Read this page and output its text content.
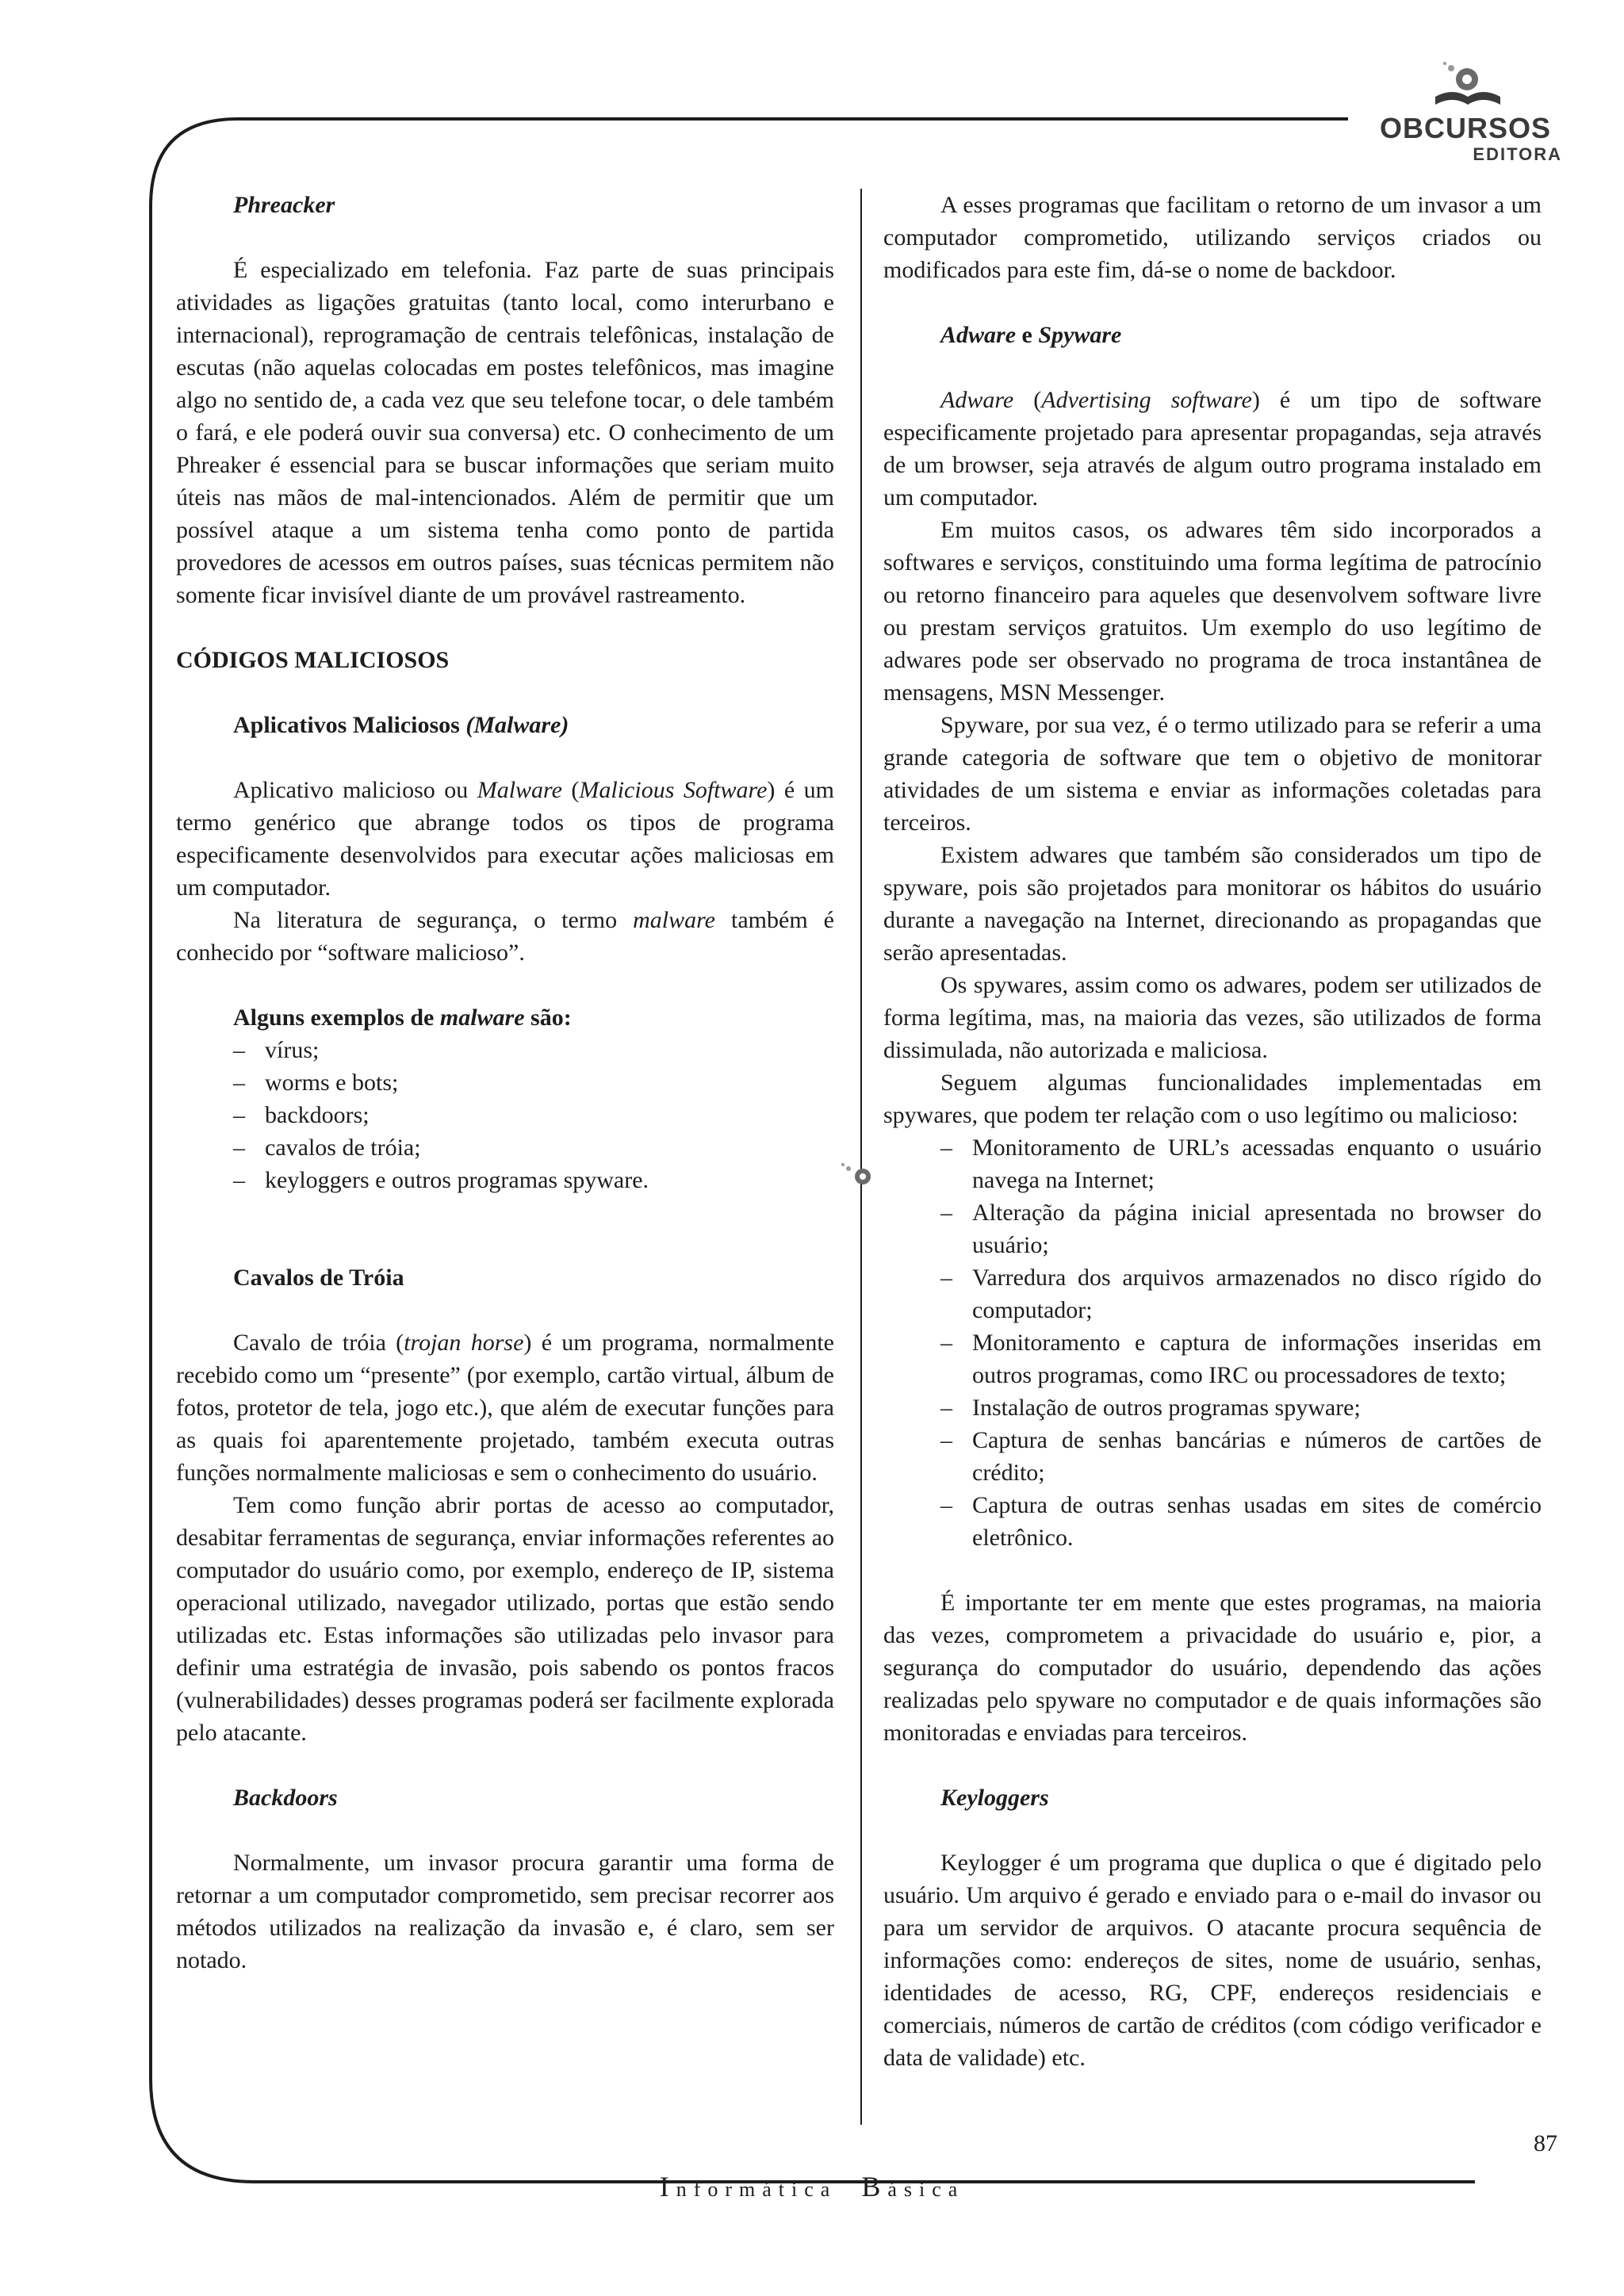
OBCURSOS
EDITORA

Phreacker

É especializado em telefonia. Faz parte de suas principais atividades as ligações gratuitas (tanto local, como interurbano e internacional), reprogramação de centrais telefônicas, instalação de escutas (não aquelas colocadas em postes telefônicos, mas imagine algo no sentido de, a cada vez que seu telefone tocar, o dele também o fará, e ele poderá ouvir sua conversa) etc. O conhecimento de um Phreaker é essencial para se buscar informações que seriam muito úteis nas mãos de mal-intencionados. Além de permitir que um possível ataque a um sistema tenha como ponto de partida provedores de acessos em outros países, suas técnicas permitem não somente ficar invisível diante de um provável rastreamento.

CÓDIGOS MALICIOSOS

Aplicativos Maliciosos (Malware)

Aplicativo malicioso ou Malware (Malicious Software) é um termo genérico que abrange todos os tipos de programa especificamente desenvolvidos para executar ações maliciosas em um computador.

Na literatura de segurança, o termo malware também é conhecido por “software malicioso”.

Alguns exemplos de malware são:

– vírus;
– worms e bots;
– backdoors;
– cavalos de tróia;
– keyloggers e outros programas spyware.

Cavalos de Tróia

Cavalo de tróia (trojan horse) é um programa, normalmente recebido como um “presente” (por exemplo, cartão virtual, álbum de fotos, protetor de tela, jogo etc.), que além de executar funções para as quais foi aparentemente projetado, também executa outras funções normalmente maliciosas e sem o conhecimento do usuário.

Tem como função abrir portas de acesso ao computador, desabitar ferramentas de segurança, enviar informações referentes ao computador do usuário como, por exemplo, endereço de IP, sistema operacional utilizado, navegador utilizado, portas que estão sendo utilizadas etc. Estas informações são utilizadas pelo invasor para definir uma estratégia de invasão, pois sabendo os pontos fracos (vulnerabilidades) desses programas poderá ser facilmente explorada pelo atacante.

Backdoors

Normalmente, um invasor procura garantir uma forma de retornar a um computador comprometido, sem precisar recorrer aos métodos utilizados na realização da invasão e, é claro, sem ser notado.

A esses programas que facilitam o retorno de um invasor a um computador comprometido, utilizando serviços criados ou modificados para este fim, dá-se o nome de backdoor.

Adware e Spyware

Adware (Advertising software) é um tipo de software especificamente projetado para apresentar propagandas, seja através de um browser, seja através de algum outro programa instalado em um computador.

Em muitos casos, os adwares têm sido incorporados a softwares e serviços, constituindo uma forma legítima de patrocínio ou retorno financeiro para aqueles que desenvolvem software livre ou prestam serviços gratuitos. Um exemplo do uso legítimo de adwares pode ser observado no programa de troca instantânea de mensagens, MSN Messenger.

Spyware, por sua vez, é o termo utilizado para se referir a uma grande categoria de software que tem o objetivo de monitorar atividades de um sistema e enviar as informações coletadas para terceiros.

Existem adwares que também são considerados um tipo de spyware, pois são projetados para monitorar os hábitos do usuário durante a navegação na Internet, direcionando as propagandas que serão apresentadas.

Os spywares, assim como os adwares, podem ser utilizados de forma legítima, mas, na maioria das vezes, são utilizados de forma dissimulada, não autorizada e maliciosa.

Seguem algumas funcionalidades implementadas em spywares, que podem ter relação com o uso legítimo ou malicioso:

– Monitoramento de URL’s acessadas enquanto o usuário navega na Internet;
– Alteração da página inicial apresentada no browser do usuário;
– Varredura dos arquivos armazenados no disco rígido do computador;
– Monitoramento e captura de informações inseridas em outros programas, como IRC ou processadores de texto;
– Instalação de outros programas spyware;
– Captura de senhas bancárias e números de cartões de crédito;
– Captura de outras senhas usadas em sites de comércio eletrônico.

É importante ter em mente que estes programas, na maioria das vezes, comprometem a privacidade do usuário e, pior, a segurança do computador do usuário, dependendo das ações realizadas pelo spyware no computador e de quais informações são monitoradas e enviadas para terceiros.

Keyloggers

Keylogger é um programa que duplica o que é digitado pelo usuário. Um arquivo é gerado e enviado para o e-mail do invasor ou para um servidor de arquivos. O atacante procura sequência de informações como: endereços de sites, nome de usuário, senhas, identidades de acesso, RG, CPF, endereços residenciais e comerciais, números de cartão de créditos (com código verificador e data de validade) etc.

87
Informática Básica
